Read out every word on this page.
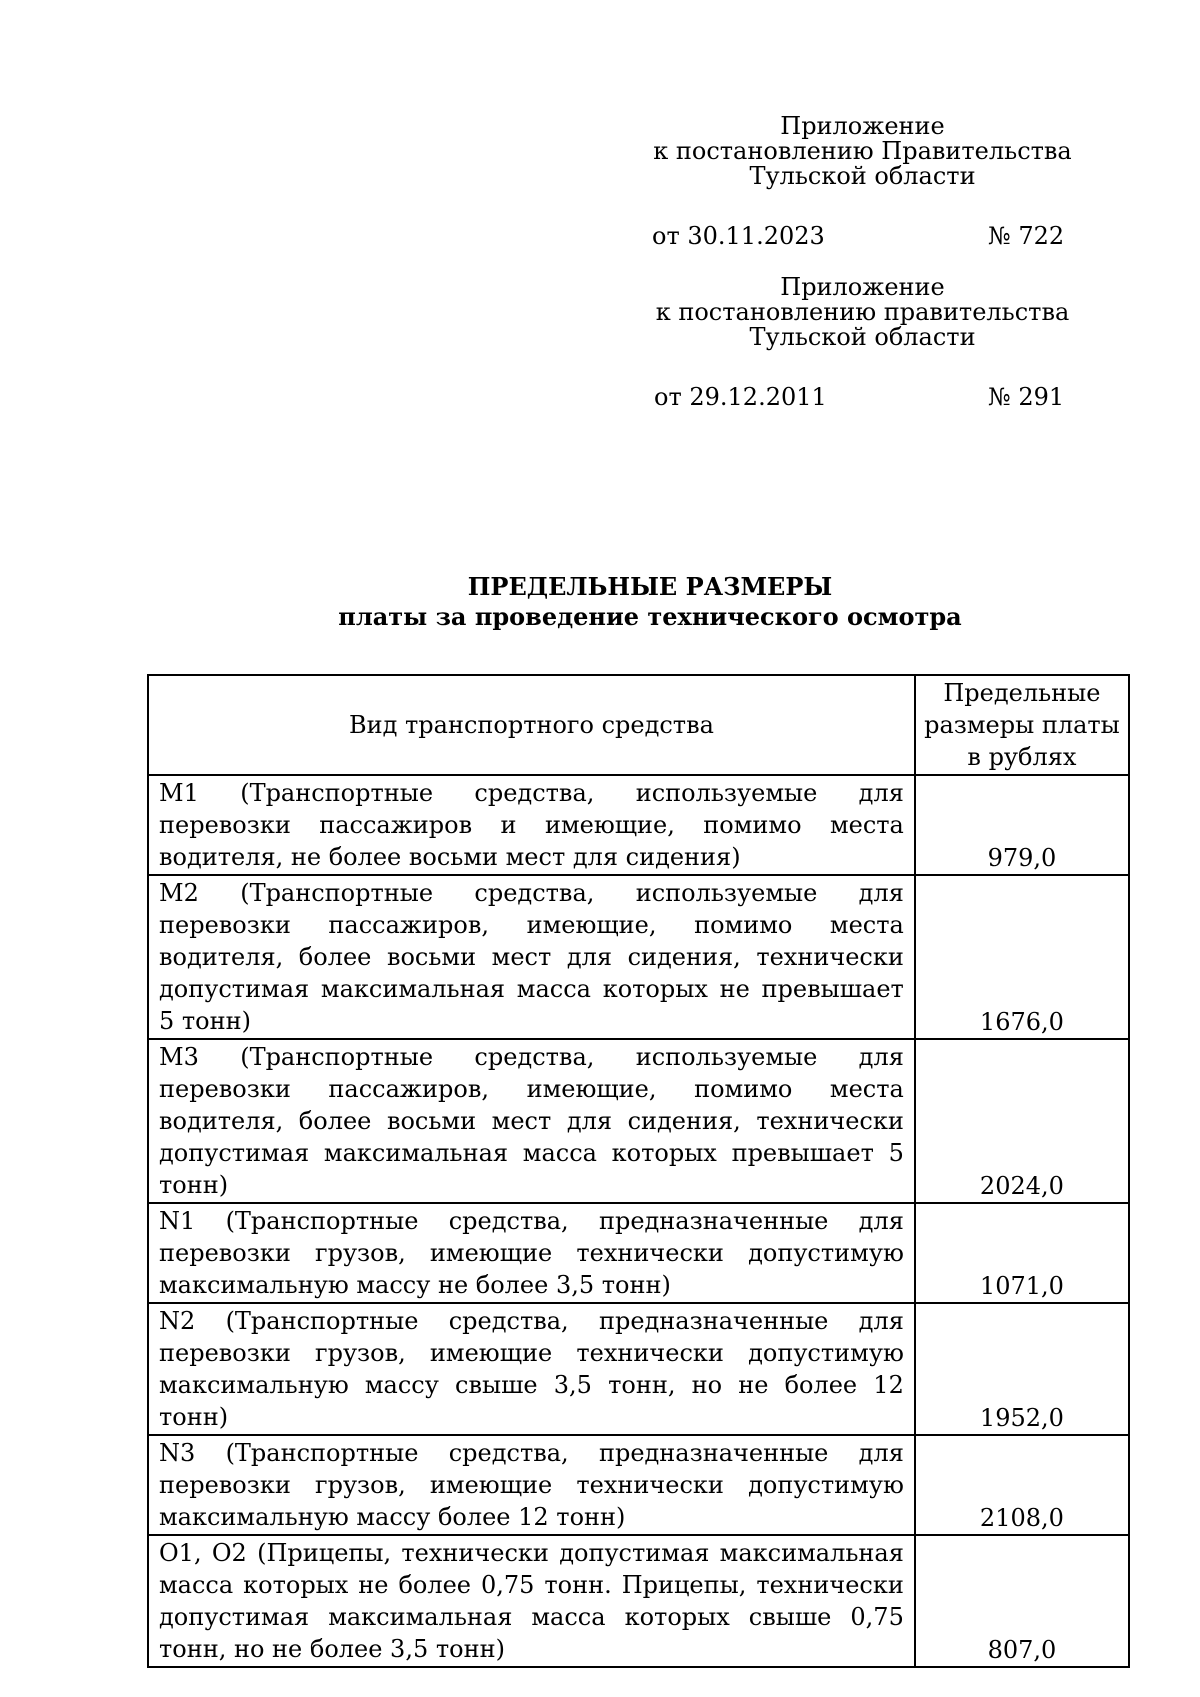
Приложение
к постановлению Правительства
Тульской области
от 30.11.2023	№ 722
Приложение
к постановлению правительства
Тульской области
от 29.12.2011	№ 291
ПРЕДЕЛЬНЫЕ РАЗМЕРЫ
платы за проведение технического осмотра
Вид транспортного средства	Предельные размеры платы в рублях
М1 (Транспортные средства, используемые для перевозки пассажиров и имеющие, помимо места водителя, не более восьми мест для сидения)	979,0
М2 (Транспортные средства, используемые для перевозки пассажиров, имеющие, помимо места водителя, более восьми мест для сидения, технически допустимая максимальная масса которых не превышает 5 тонн)	1676,0
М3 (Транспортные средства, используемые для перевозки пассажиров, имеющие, помимо места водителя, более восьми мест для сидения, технически допустимая максимальная масса которых превышает 5 тонн)	2024,0
N1 (Транспортные средства, предназначенные для перевозки грузов, имеющие технически допустимую максимальную массу не более 3,5 тонн)	1071,0
N2 (Транспортные средства, предназначенные для перевозки грузов, имеющие технически допустимую максимальную массу свыше 3,5 тонн, но не более 12 тонн)	1952,0
N3 (Транспортные средства, предназначенные для перевозки грузов, имеющие технически допустимую максимальную массу более 12 тонн)	2108,0
О1, О2 (Прицепы, технически допустимая максимальная масса которых не более 0,75 тонн. Прицепы, технически допустимая максимальная масса которых свыше 0,75 тонн, но не более 3,5 тонн)	807,0
